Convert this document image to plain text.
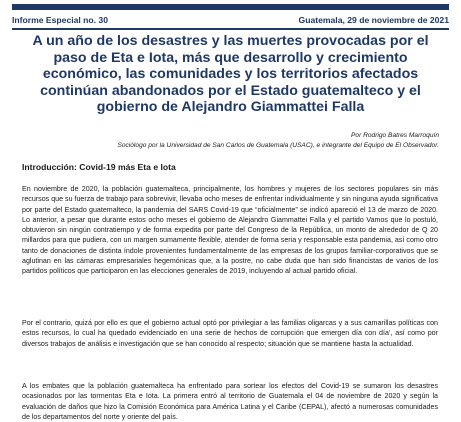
Informe Especial no. 30	Guatemala, 29 de noviembre de 2021
A un año de los desastres y las muertes provocadas por el paso de Eta e Iota, más que desarrollo y crecimiento económico, las comunidades y los territorios afectados continúan abandonados por el Estado guatemalteco y el gobierno de Alejandro Giammattei Falla
Por Rodrigo Batres Marroquín
Sociólogo por la Universidad de San Carlos de Guatemala (USAC), e integrante del Equipo de El Observador.
Introducción: Covid-19 más Eta e Iota

En noviembre de 2020, la población guatemalteca, principalmente, los hombres y mujeres de los sectores populares sin más recursos que su fuerza de trabajo para sobrevivir, llevaba ocho meses de enfrentar individualmente y sin ninguna ayuda significativa por parte del Estado guatemalteco, la pandemia del SARS Covid-19 que “oficialmente” se indicó apareció el 13 de marzo de 2020. Lo anterior, a pesar que durante estos ocho meses el gobierno de Alejandro Giammattei Falla y el partido Vamos que lo postuló, obtuvieron sin ningún contratiempo y de forma expedita por parte del Congreso de la República, un monto de alrededor de Q 20 millardos para que pudiera, con un margen sumamente flexible, atender de forma seria y responsable esta pandemia, así como otro tanto de donaciones de distinta índole provenientes fundamentalmente de las empresas de los grupos familiar-corporativos que se aglutinan en las cámaras empresariales hegemónicas que, a la postre, no cabe duda que han sido financistas de varios de los partidos políticos que participaron en las elecciones generales de 2019, incluyendo al actual partido oficial.

Por el contrario, quizá por ello es que el gobierno actual optó por privilegiar a las familias oligarcas y a sus camarillas políticas con estos recursos, lo cual ha quedado evidenciado en una serie de hechos de corrupción que emergen día con día’, así como por diversos trabajos de análisis e investigación que se han conocido al respecto; situación que se mantiene hasta la actualidad.

A los embates que la población guatemalteca ha enfrentado para sortear los efectos del Covid-19 se sumaron los desastres ocasionados por las tormentas Eta e Iota. La primera entró al territorio de Guatemala el 04 de noviembre de 2020 y según la evaluación de daños que hizo la Comisión Económica para América Latina y el Caribe (CEPAL), afectó a numerosas comunidades de los departamentos del norte y oriente del país.
